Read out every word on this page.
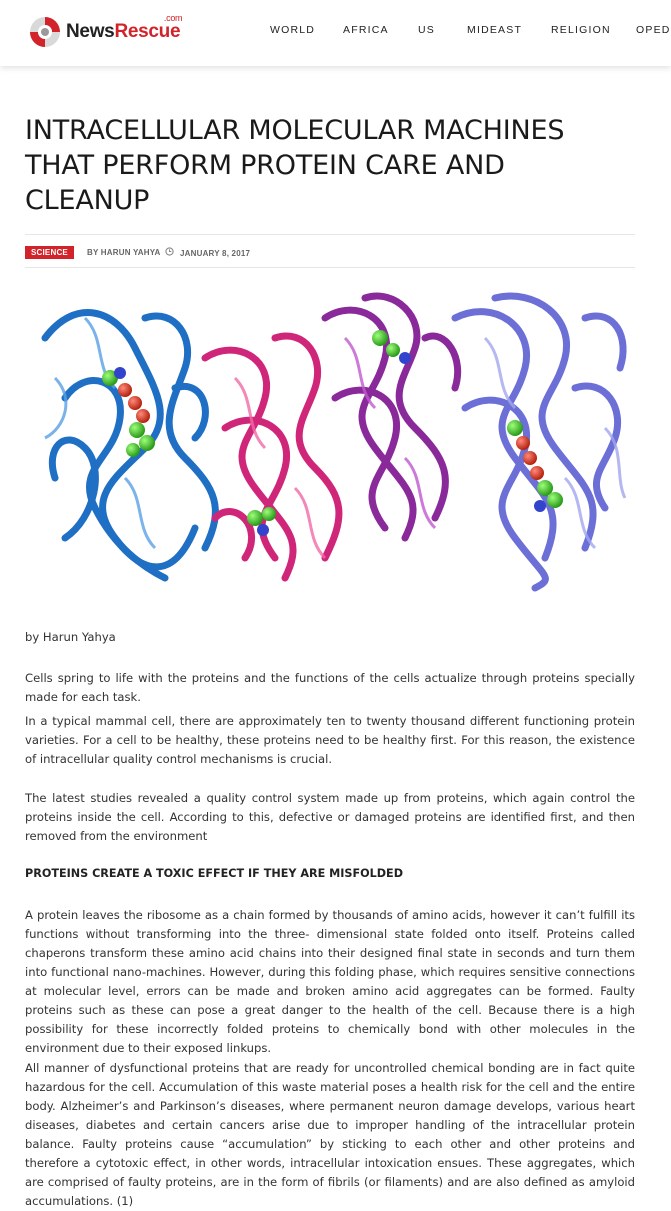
NewsRescue
.com
WORLD	AFRICA	US	MIDEAST	RELIGION OPED
INTRACELLULAR MOLECULAR MACHINES THAT PERFORM PROTEIN CARE AND CLEANUP
SCIENCE	BY HARUN YAHYA	JANUARY 8, 2017

by Harun Yahya

Cells spring to life with the proteins and the functions of the cells actualize through proteins specially made for each task.

In a typical mammal cell, there are approximately ten to twenty thousand different functioning protein varieties. For a cell to be healthy, these proteins need to be healthy first. For this reason, the existence of intracellular quality control mechanisms is crucial.

The latest studies revealed a quality control system made up from proteins, which again control the proteins inside the cell. According to this, defective or damaged proteins are identified first, and then removed from the environment

PROTEINS CREATE A TOXIC EFFECT IF THEY ARE MISFOLDED

A protein leaves the ribosome as a chain formed by thousands of amino acids, however it can’t fulfill its functions without transforming into the three- dimensional state folded onto itself. Proteins called chaperons transform these amino acid chains into their designed final state in seconds and turn them into functional nano-machines. However, during this folding phase, which requires sensitive connections at molecular level, errors can be made and broken amino acid aggregates can be formed. Faulty proteins such as these can pose a great danger to the health of the cell. Because there is a high possibility for these incorrectly folded proteins to chemically bond with other molecules in the environment due to their exposed linkups.

All manner of dysfunctional proteins that are ready for uncontrolled chemical bonding are in fact quite hazardous for the cell. Accumulation of this waste material poses a health risk for the cell and the entire body. Alzheimer’s and Parkinson’s diseases, where permanent neuron damage develops, various heart diseases, diabetes and certain cancers arise due to improper handling of the intracellular protein balance. Faulty proteins cause “accumulation” by sticking to each other and other proteins and therefore a cytotoxic effect, in other words, intracellular intoxication ensues. These aggregates, which are comprised of faulty proteins, are in the form of fibrils (or filaments) and are also defined as amyloid accumulations. (1)
